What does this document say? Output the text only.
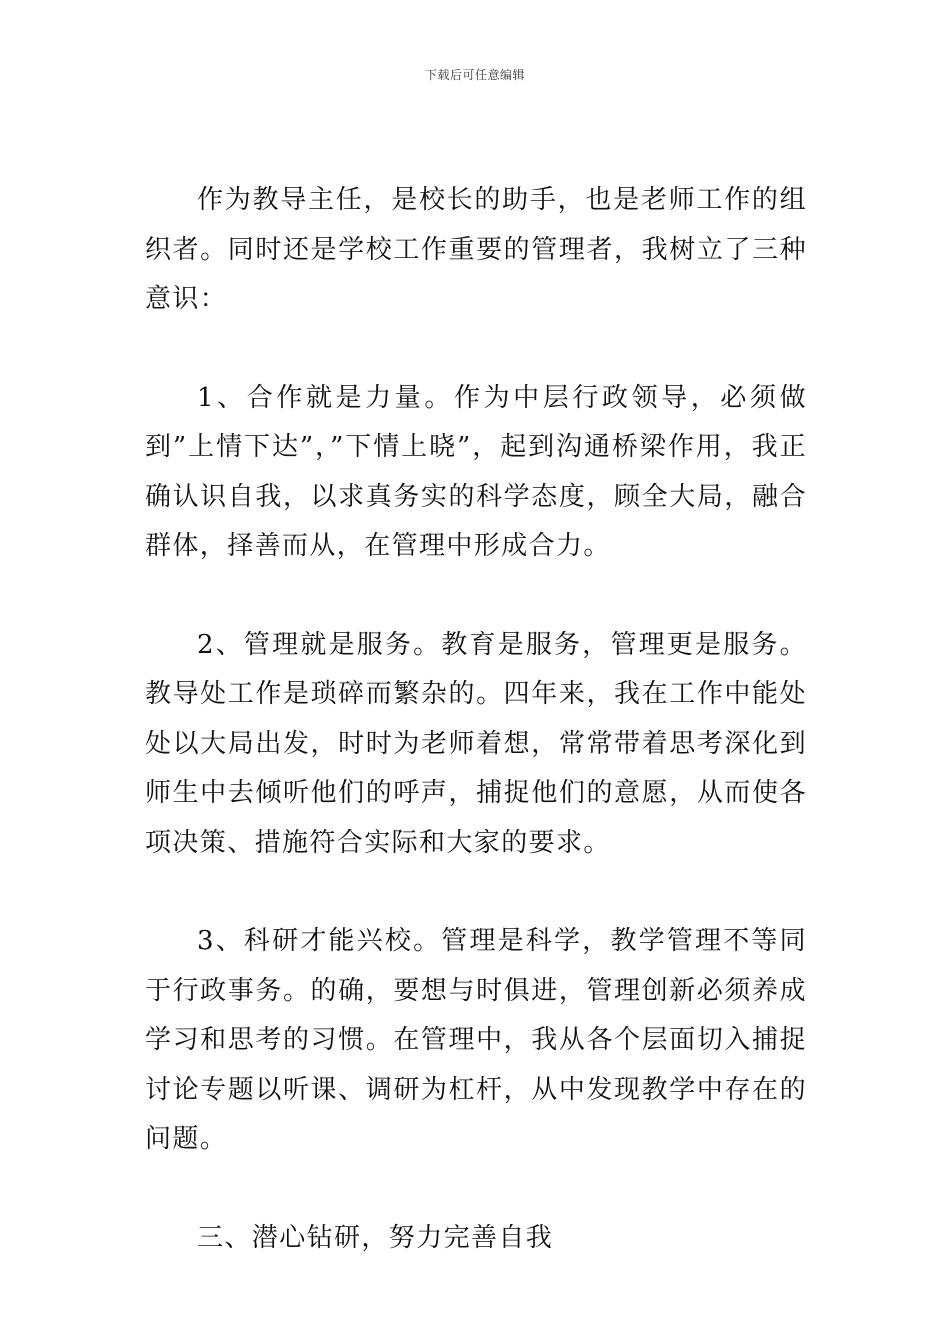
下载后可任意编辑

作为教导主任，是校长的助手，也是老师工作的组织者。同时还是学校工作重要的管理者，我树立了三种意识：

1、合作就是力量。作为中层行政领导，必须做到”上情下达”，”下情上晓”，起到沟通桥梁作用，我正确认识自我，以求真务实的科学态度，顾全大局，融合群体，择善而从，在管理中形成合力。

2、管理就是服务。教育是服务，管理更是服务。教导处工作是琐碎而繁杂的。四年来，我在工作中能处处以大局出发，时时为老师着想，常常带着思考深化到师生中去倾听他们的呼声，捕捉他们的意愿，从而使各项决策、措施符合实际和大家的要求。

3、科研才能兴校。管理是科学，教学管理不等同于行政事务。的确，要想与时俱进，管理创新必须养成学习和思考的习惯。在管理中，我从各个层面切入捕捉讨论专题以听课、调研为杠杆，从中发现教学中存在的问题。

三、潜心钻研，努力完善自我
